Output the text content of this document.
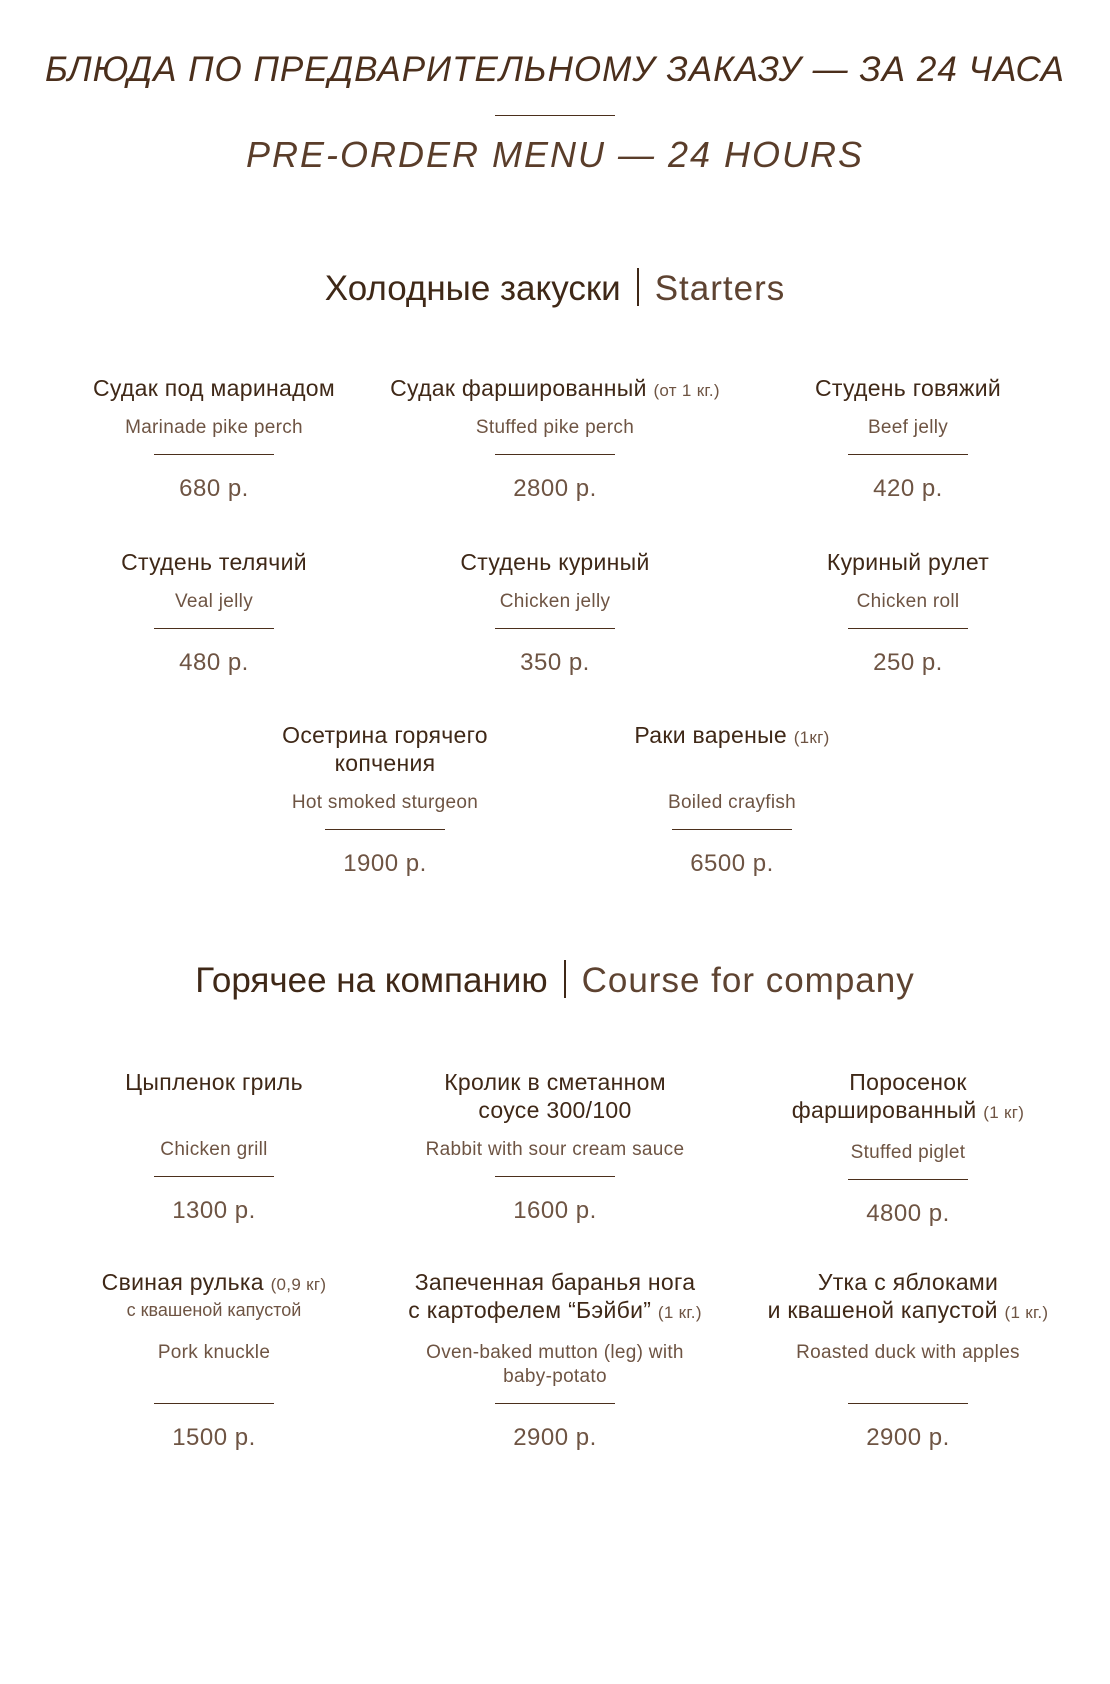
БЛЮДА ПО ПРЕДВАРИТЕЛЬНОМУ ЗАКАЗУ — ЗА 24 ЧАСА
PRE-ORDER MENU — 24 HOURS
Холодные закуски Starters
Судак под маринадом
Marinade pike perch
680 р.
Судак фаршированный (от 1 кг.)
Stuffed pike perch
2800 р.
Студень говяжий
Beef jelly
420 р.
Студень телячий
Veal jelly
480 р.
Студень куриный
Chicken jelly
350 р.
Куриный рулет
Chicken roll
250 р.
Осетрина горячего
копчения
Hot smoked sturgeon
1900 р.
Раки вареные (1кг)
Boiled crayfish
6500 р.
Горячее на компанию Course for company
Цыпленок гриль
Chicken grill
1300 р.
Кролик в сметанном
соусе 300/100
Rabbit with sour cream sauce
1600 р.
Поросенок
фаршированный (1 кг)
Stuffed piglet
4800 р.
Свиная рулька (0,9 кг)
с квашеной капустой
Pork knuckle
1500 р.
Запеченная баранья нога
с картофелем “Бэйби” (1 кг.)
Oven-baked mutton (leg) with
baby-potato
2900 р.
Утка с яблоками
и квашеной капустой (1 кг.)
Roasted duck with apples
2900 р.
